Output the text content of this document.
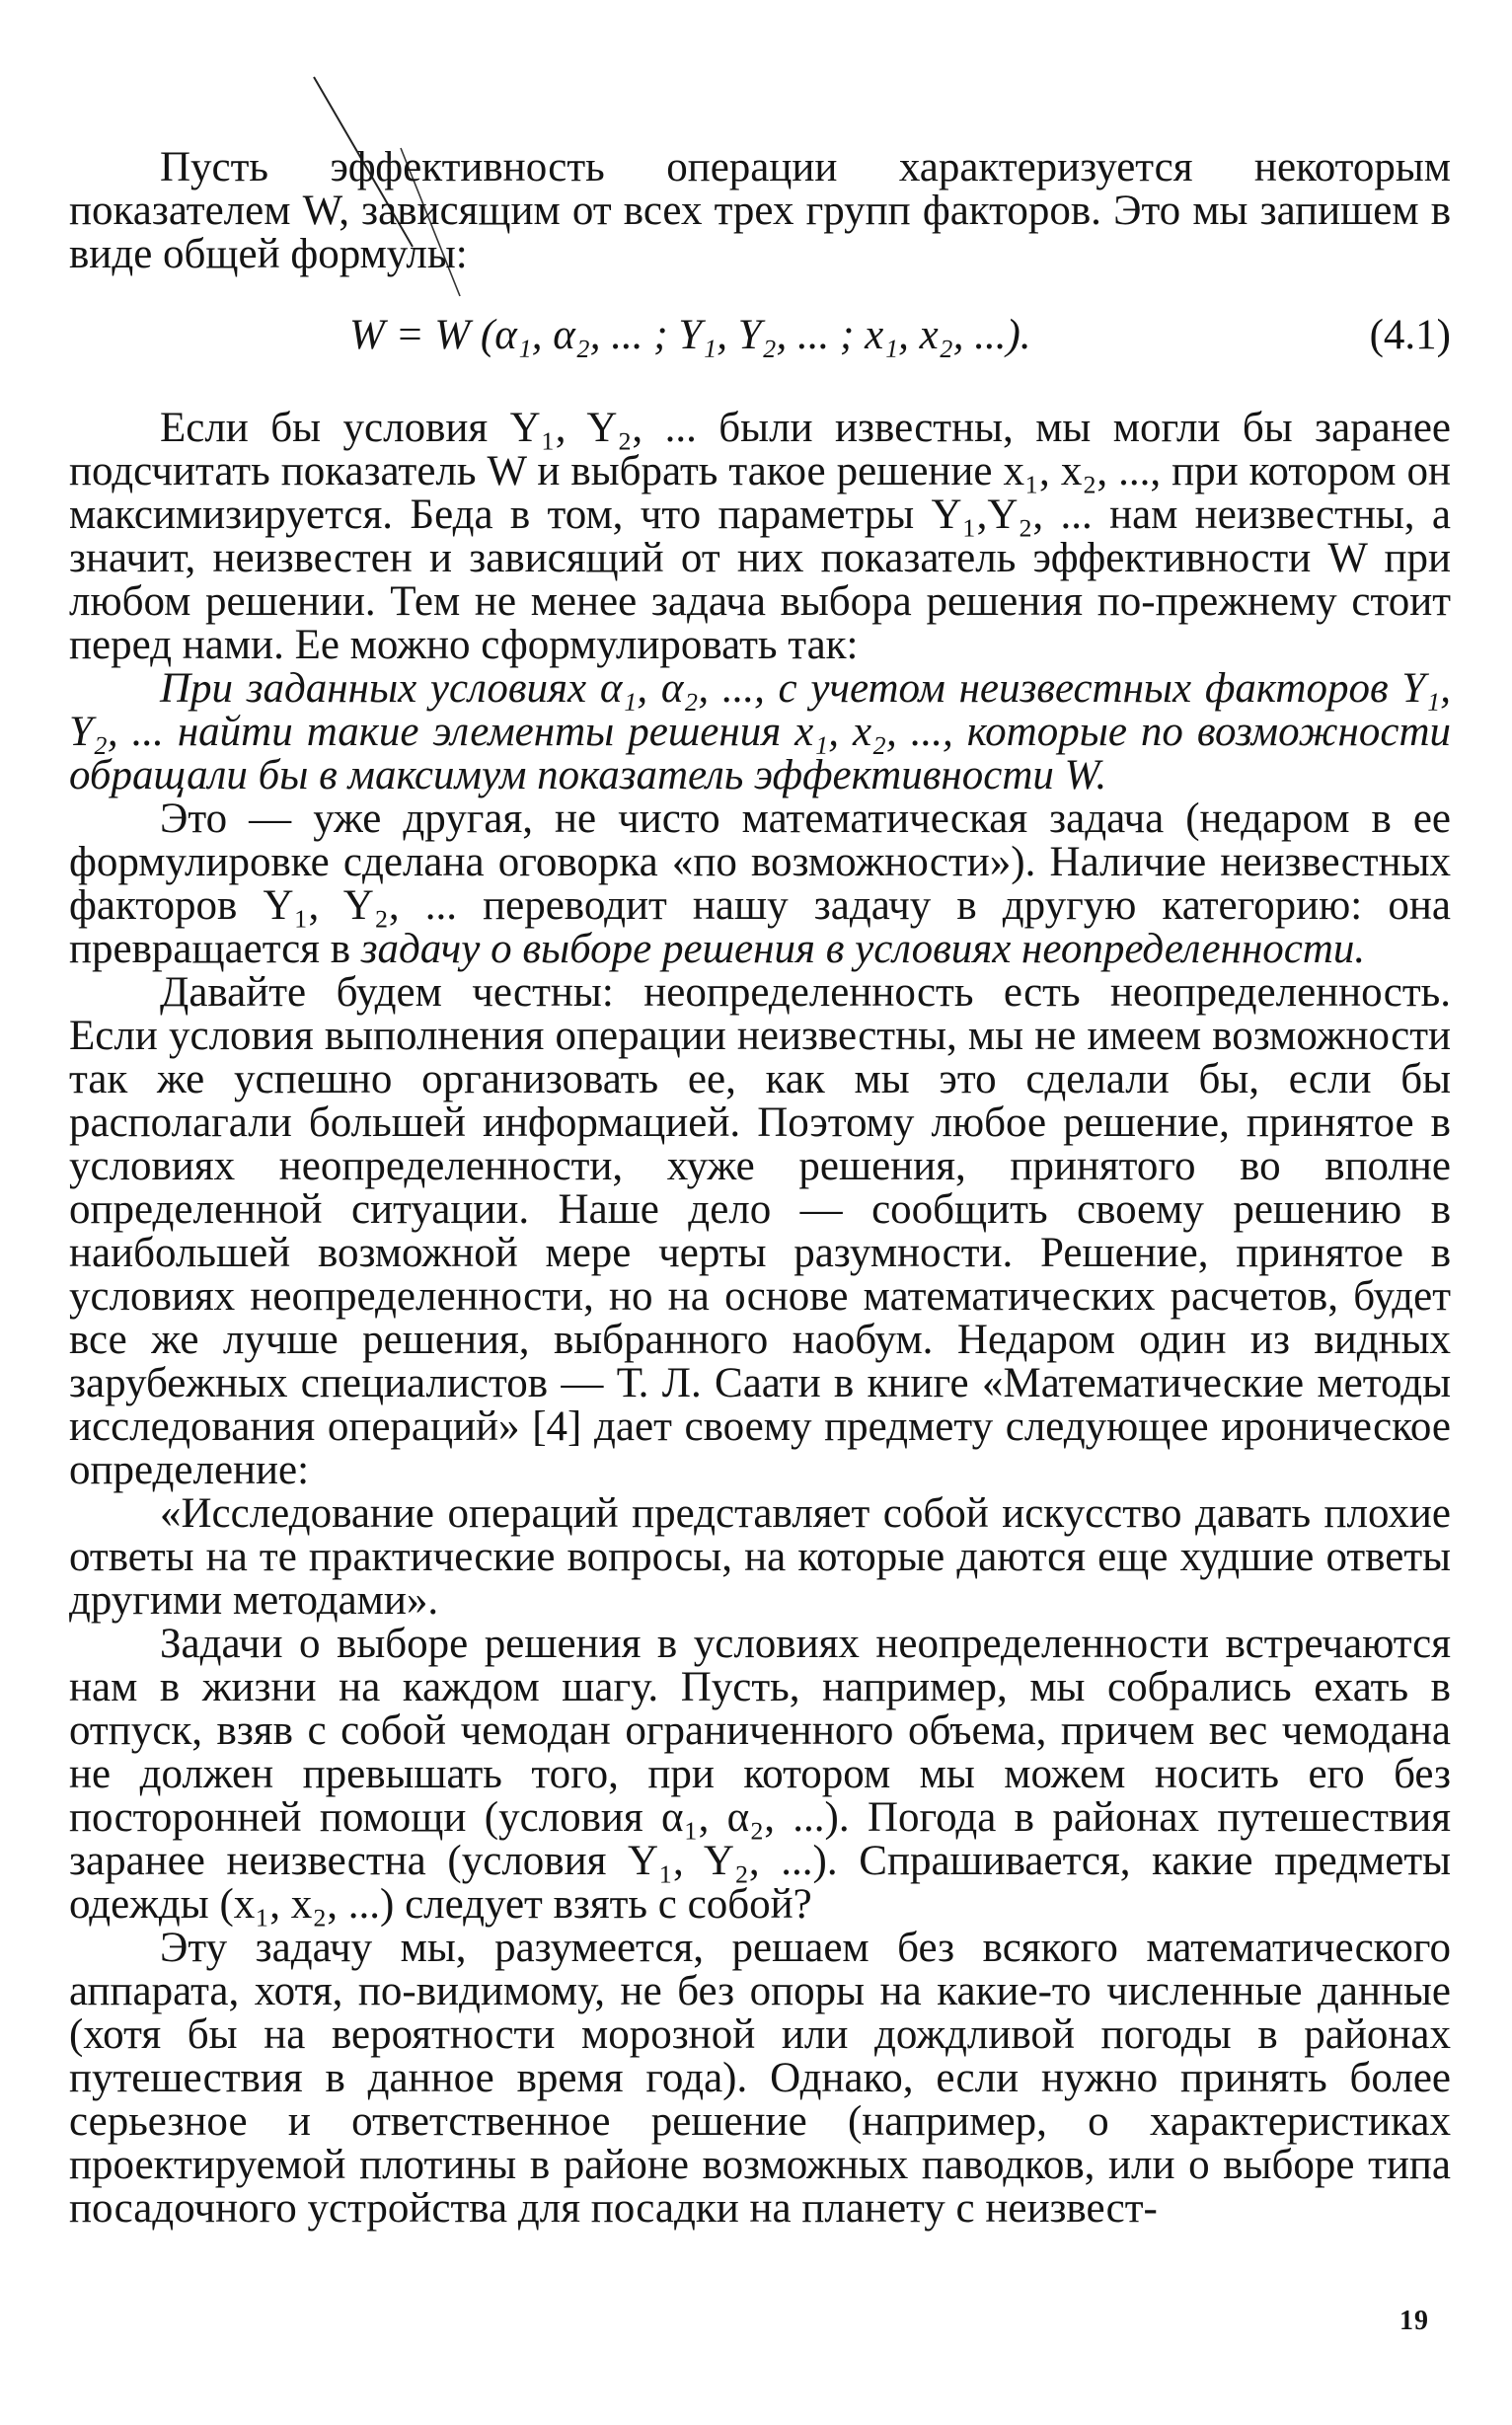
Пусть эффективность операции характеризуется некоторым показателем W, зависящим от всех трех групп факторов. Это мы запишем в виде общей формулы:

W = W (α₁, α₂, ... ; Y₁, Y₂, ... ; x₁, x₂, ...).	(4.1)

Если бы условия Y₁, Y₂, ... были известны, мы могли бы заранее подсчитать показатель W и выбрать такое решение x₁, x₂, ..., при котором он максимизируется. Беда в том, что параметры Y₁,Y₂, ... нам неизвестны, а значит, неизвестен и зависящий от них показатель эффективности W при любом решении. Тем не менее задача выбора решения по-прежнему стоит перед нами. Ее можно сформулировать так:

При заданных условиях α₁, α₂, ..., с учетом неизвестных факторов Y₁, Y₂, ... найти такие элементы решения x₁, x₂, ..., которые по возможности обращали бы в максимум показатель эффективности W.

Это — уже другая, не чисто математическая задача (недаром в ее формулировке сделана оговорка «по возможности»). Наличие неизвестных факторов Y₁, Y₂, ... переводит нашу задачу в другую категорию: она превращается в задачу о выборе решения в условиях неопределенности.

Давайте будем честны: неопределенность есть неопределенность. Если условия выполнения операции неизвестны, мы не имеем возможности так же успешно организовать ее, как мы это сделали бы, если бы располагали большей информацией. Поэтому любое решение, принятое в условиях неопределенности, хуже решения, принятого во вполне определенной ситуации. Наше дело — сообщить своему решению в наибольшей возможной мере черты разумности. Решение, принятое в условиях неопределенности, но на основе математических расчетов, будет все же лучше решения, выбранного наобум. Недаром один из видных зарубежных специалистов — Т. Л. Саати в книге «Математические методы исследования операций» [4] дает своему предмету следующее ироническое определение:

«Исследование операций представляет собой искусство давать плохие ответы на те практические вопросы, на которые даются еще худшие ответы другими методами».

Задачи о выборе решения в условиях неопределенности встречаются нам в жизни на каждом шагу. Пусть, например, мы собрались ехать в отпуск, взяв с собой чемодан ограниченного объема, причем вес чемодана не должен превышать того, при котором мы можем носить его без посторонней помощи (условия α₁, α₂, ...). Погода в районах путешествия заранее неизвестна (условия Y₁, Y₂, ...). Спрашивается, какие предметы одежды (x₁, x₂, ...) следует взять с собой?

Эту задачу мы, разумеется, решаем без всякого математического аппарата, хотя, по-видимому, не без опоры на какие-то численные данные (хотя бы на вероятности морозной или дождливой погоды в районах путешествия в данное время года). Однако, если нужно принять более серьезное и ответственное решение (например, о характеристиках проектируемой плотины в районе возможных паводков, или о выборе типа посадочного устройства для посадки на планету с неизвест-

19
